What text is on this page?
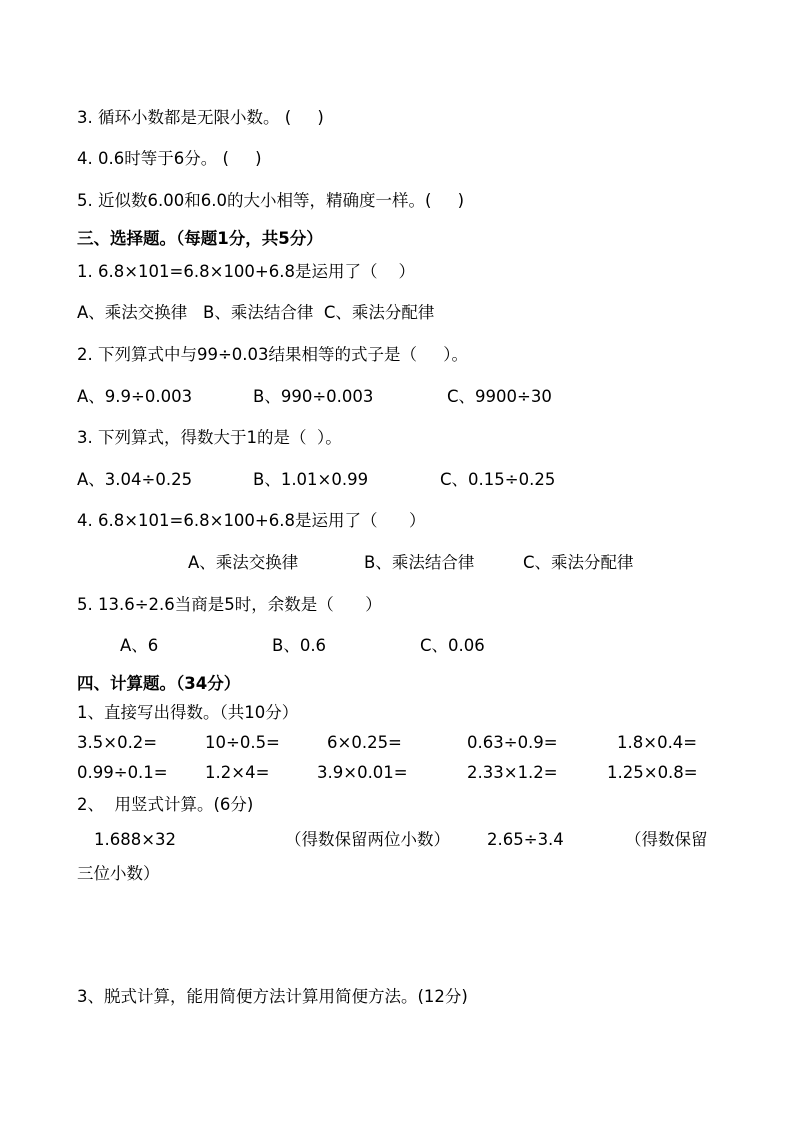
3. 循环小数都是无限小数。 (     )
4. 0.6时等于6分。 (     )
5. 近似数6.00和6.0的大小相等，精确度一样。(     )
三、选择题。（每题1分，共5分）
1. 6.8×101=6.8×100+6.8是运用了（    ）
A、乘法交换律   B、乘法结合律  C、乘法分配律
2. 下列算式中与99÷0.03结果相等的式子是（     ）。
A、9.9÷0.003	B、990÷0.003	C、9900÷30
3. 下列算式，得数大于1的是（  ）。
A、3.04÷0.25	B、1.01×0.99	C、0.15÷0.25
4. 6.8×101=6.8×100+6.8是运用了（      ）
A、乘法交换律	B、乘法结合律	C、乘法分配律
5. 13.6÷2.6当商是5时，余数是（      ）
A、6	B、0.6	C、0.06
四、计算题。（34分）
1、直接写出得数。（共10分）
3.5×0.2=	10÷0.5=	6×0.25=	0.63÷0.9=	1.8×0.4=
0.99÷0.1= 1.2×4=	3.9×0.01=	2.33×1.2=	1.25×0.8=
2、  用竖式计算。(6分)
1.688×32	（得数保留两位小数） 2.65÷3.4	（得数保留
三位小数）
3、脱式计算，能用简便方法计算用简便方法。(12分)
